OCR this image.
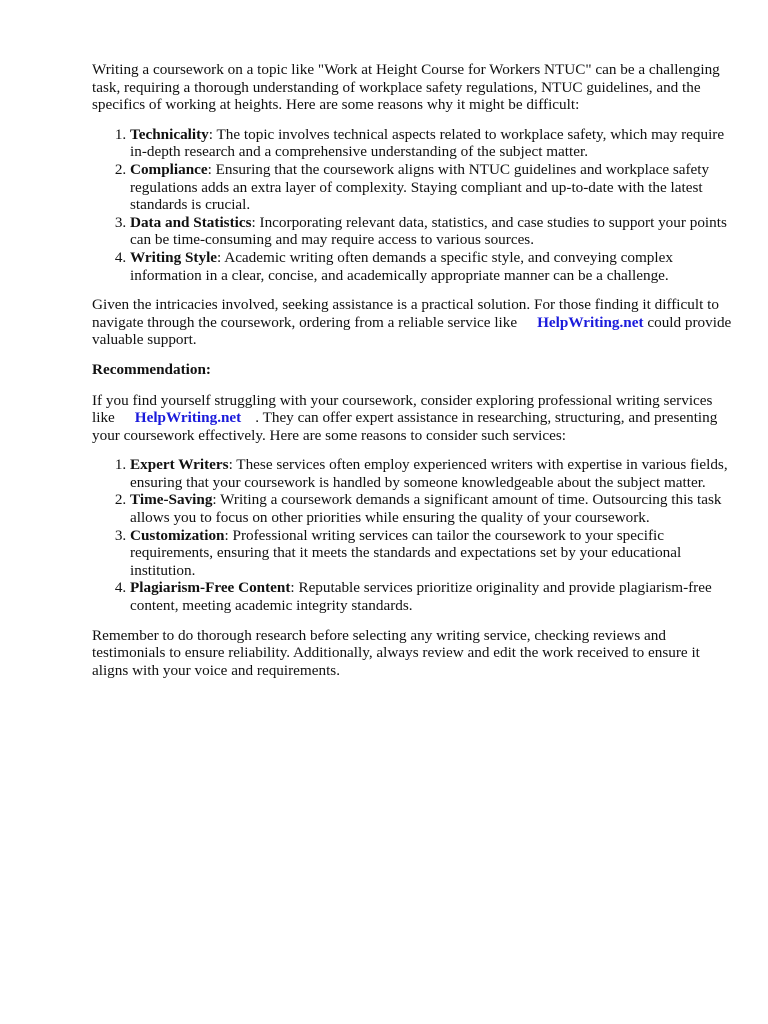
Writing a coursework on a topic like "Work at Height Course for Workers NTUC" can be a challenging task, requiring a thorough understanding of workplace safety regulations, NTUC guidelines, and the specifics of working at heights. Here are some reasons why it might be difficult:

1. Technicality: The topic involves technical aspects related to workplace safety, which may require in-depth research and a comprehensive understanding of the subject matter.
2. Compliance: Ensuring that the coursework aligns with NTUC guidelines and workplace safety regulations adds an extra layer of complexity. Staying compliant and up-to-date with the latest standards is crucial.
3. Data and Statistics: Incorporating relevant data, statistics, and case studies to support your points can be time-consuming and may require access to various sources.
4. Writing Style: Academic writing often demands a specific style, and conveying complex information in a clear, concise, and academically appropriate manner can be a challenge.

Given the intricacies involved, seeking assistance is a practical solution. For those finding it difficult to navigate through the coursework, ordering from a reliable service like HelpWriting.net could provide valuable support.

Recommendation:

If you find yourself struggling with your coursework, consider exploring professional writing services like HelpWriting.net . They can offer expert assistance in researching, structuring, and presenting your coursework effectively. Here are some reasons to consider such services:

1. Expert Writers: These services often employ experienced writers with expertise in various fields, ensuring that your coursework is handled by someone knowledgeable about the subject matter.
2. Time-Saving: Writing a coursework demands a significant amount of time. Outsourcing this task allows you to focus on other priorities while ensuring the quality of your coursework.
3. Customization: Professional writing services can tailor the coursework to your specific requirements, ensuring that it meets the standards and expectations set by your educational institution.
4. Plagiarism-Free Content: Reputable services prioritize originality and provide plagiarism-free content, meeting academic integrity standards.

Remember to do thorough research before selecting any writing service, checking reviews and testimonials to ensure reliability. Additionally, always review and edit the work received to ensure it aligns with your voice and requirements.
